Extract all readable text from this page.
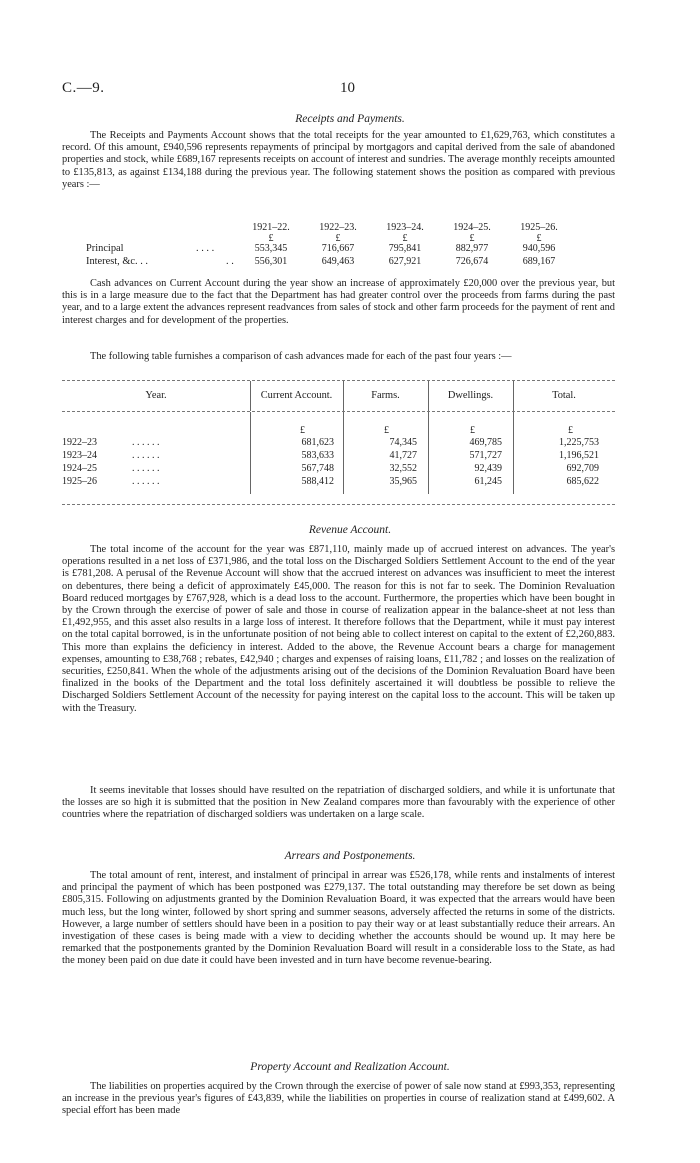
C.—9.	10
Receipts and Payments.

The Receipts and Payments Account shows that the total receipts for the year amounted to £1,629,763, which constitutes a record. Of this amount, £940,596 represents repayments of principal by mortgagors and capital derived from the sale of abandoned properties and stock, while £689,167 represents receipts on account of interest and sundries. The average monthly receipts amounted to £135,813, as against £134,188 during the previous year. The following statement shows the position as compared with previous years :—

1921–22.	1922–23.	1923–24.	1924–25.	1925–26.
£	£	£	£	£
Principal	. . . .	553,345	716,667	795,841	882,977	940,596
Interest, &c. . .	. .	556,301	649,463	627,921	726,674	689,167

Cash advances on Current Account during the year show an increase of approximately £20,000 over the previous year, but this is in a large measure due to the fact that the Department has had greater control over the proceeds from farms during the past year, and to a large extent the advances represent readvances from sales of stock and other farm proceeds for the payment of rent and interest charges and for development of the properties.

The following table furnishes a comparison of cash advances made for each of the past four years :—

Year.	Current Account.	Farms.	Dwellings.	Total.
£	£	£	£
1922–23	. . . . . .	681,623	74,345	469,785	1,225,753
1923–24	. . . . . .	583,633	41,727	571,727	1,196,521
1924–25	. . . . . .	567,748	32,552	92,439	692,709
1925–26	. . . . . .	588,412	35,965	61,245	685,622
Revenue Account.

The total income of the account for the year was £871,110, mainly made up of accrued interest on advances. The year's operations resulted in a net loss of £371,986, and the total loss on the Discharged Soldiers Settlement Account to the end of the year is £781,208. A perusal of the Revenue Account will show that the accrued interest on advances was insufficient to meet the interest on debentures, there being a deficit of approximately £45,000. The reason for this is not far to seek. The Dominion Revaluation Board reduced mortgages by £767,928, which is a dead loss to the account. Furthermore, the properties which have been bought in by the Crown through the exercise of power of sale and those in course of realization appear in the balance-sheet at not less than £1,492,955, and this asset also results in a large loss of interest. It therefore follows that the Department, while it must pay interest on the total capital borrowed, is in the unfortunate position of not being able to collect interest on capital to the extent of £2,260,883. This more than explains the deficiency in interest. Added to the above, the Revenue Account bears a charge for management expenses, amounting to £38,768 ; rebates, £42,940 ; charges and expenses of raising loans, £11,782 ; and losses on the realization of securities, £250,841. When the whole of the adjustments arising out of the decisions of the Dominion Revaluation Board have been finalized in the books of the Department and the total loss definitely ascertained it will doubtless be possible to relieve the Discharged Soldiers Settlement Account of the necessity for paying interest on the capital loss to the account. This will be taken up with the Treasury.

It seems inevitable that losses should have resulted on the repatriation of discharged soldiers, and while it is unfortunate that the losses are so high it is submitted that the position in New Zealand compares more than favourably with the experience of other countries where the repatriation of discharged soldiers was undertaken on a large scale.

Arrears and Postponements.

The total amount of rent, interest, and instalment of principal in arrear was £526,178, while rents and instalments of interest and principal the payment of which has been postponed was £279,137. The total outstanding may therefore be set down as being £805,315. Following on adjustments granted by the Dominion Revaluation Board, it was expected that the arrears would have been much less, but the long winter, followed by short spring and summer seasons, adversely affected the returns in some of the districts. However, a large number of settlers should have been in a position to pay their way or at least substantially reduce their arrears. An investigation of these cases is being made with a view to deciding whether the accounts should be wound up. It may here be remarked that the postponements granted by the Dominion Revaluation Board will result in a considerable loss to the State, as had the money been paid on due date it could have been invested and in turn have become revenue-bearing.

Property Account and Realization Account.

The liabilities on properties acquired by the Crown through the exercise of power of sale now stand at £993,353, representing an increase in the previous year's figures of £43,839, while the liabilities on properties in course of realization stand at £499,602. A special effort has been made
